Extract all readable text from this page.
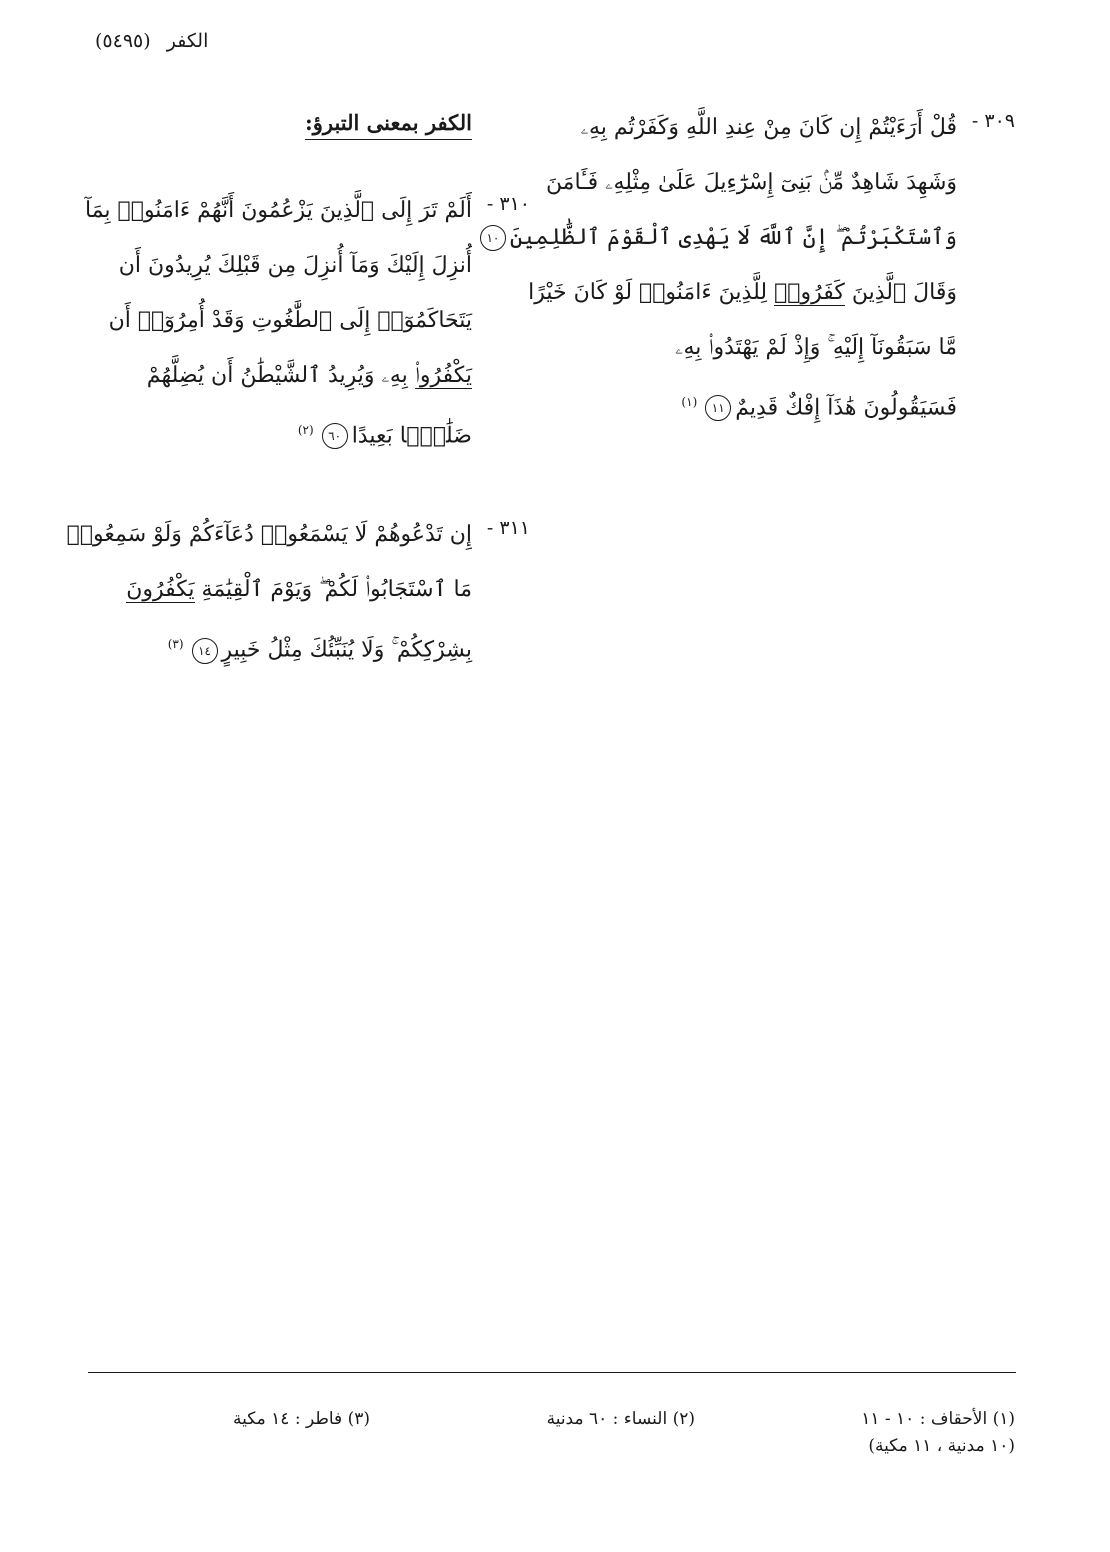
الكفر (٥٤٩٥)
٣٠٩ -
قُلْ أَرَءَيْتُمْ إِن كَانَ مِنْ عِندِ اللَّهِ وَكَفَرْتُم بِهِۦ
وَشَهِدَ شَاهِدٌ مِّنۢ بَنِىٓ إِسْرَٰٓءِيلَ عَلَىٰ مِثْلِهِۦ فَـَٔامَنَ
وَٱسْتَكْبَرْتُمْ ۖ إِنَّ ٱللَّهَ لَا يَهْدِى ٱلْقَوْمَ ٱلظَّٰلِمِينَ١٠
وَقَالَ ٱلَّذِينَ كَفَرُوا۟ لِلَّذِينَ ءَامَنُوا۟ لَوْ كَانَ خَيْرًا
مَّا سَبَقُونَآ إِلَيْهِ ۚ وَإِذْ لَمْ يَهْتَدُوا۟ بِهِۦ
فَسَيَقُولُونَ هَٰذَآ إِفْكٌ قَدِيمٌ١١$^{(١)}$
الكفر بمعنى التبرؤ:
٣١٠ -
أَلَمْ تَرَ إِلَى ٱلَّذِينَ يَزْعُمُونَ أَنَّهُمْ ءَامَنُوا۟ بِمَآ
أُنزِلَ إِلَيْكَ وَمَآ أُنزِلَ مِن قَبْلِكَ يُرِيدُونَ أَن
يَتَحَاكَمُوٓا۟ إِلَى ٱلطَّٰغُوتِ وَقَدْ أُمِرُوٓا۟ أَن
يَكْفُرُوا۟ بِهِۦ وَيُرِيدُ ٱلشَّيْطَٰنُ أَن يُضِلَّهُمْ
ضَلَٰلًۢا بَعِيدًا٦٠$^{(٢)}$
٣١١ -
إِن تَدْعُوهُمْ لَا يَسْمَعُوا۟ دُعَآءَكُمْ وَلَوْ سَمِعُوا۟
مَا ٱسْتَجَابُوا۟ لَكُمْ ۖ وَيَوْمَ ٱلْقِيَٰمَةِ يَكْفُرُونَ
بِشِرْكِكُمْ ۚ وَلَا يُنَبِّئُكَ مِثْلُ خَبِيرٍ١٤$^{(٣)}$
(١) الأحقاف : ١٠ - ١١
(١٠ مدنية ، ١١ مكية)
(٢) النساء : ٦٠ مدنية
(٣) فاطر : ١٤ مكية
